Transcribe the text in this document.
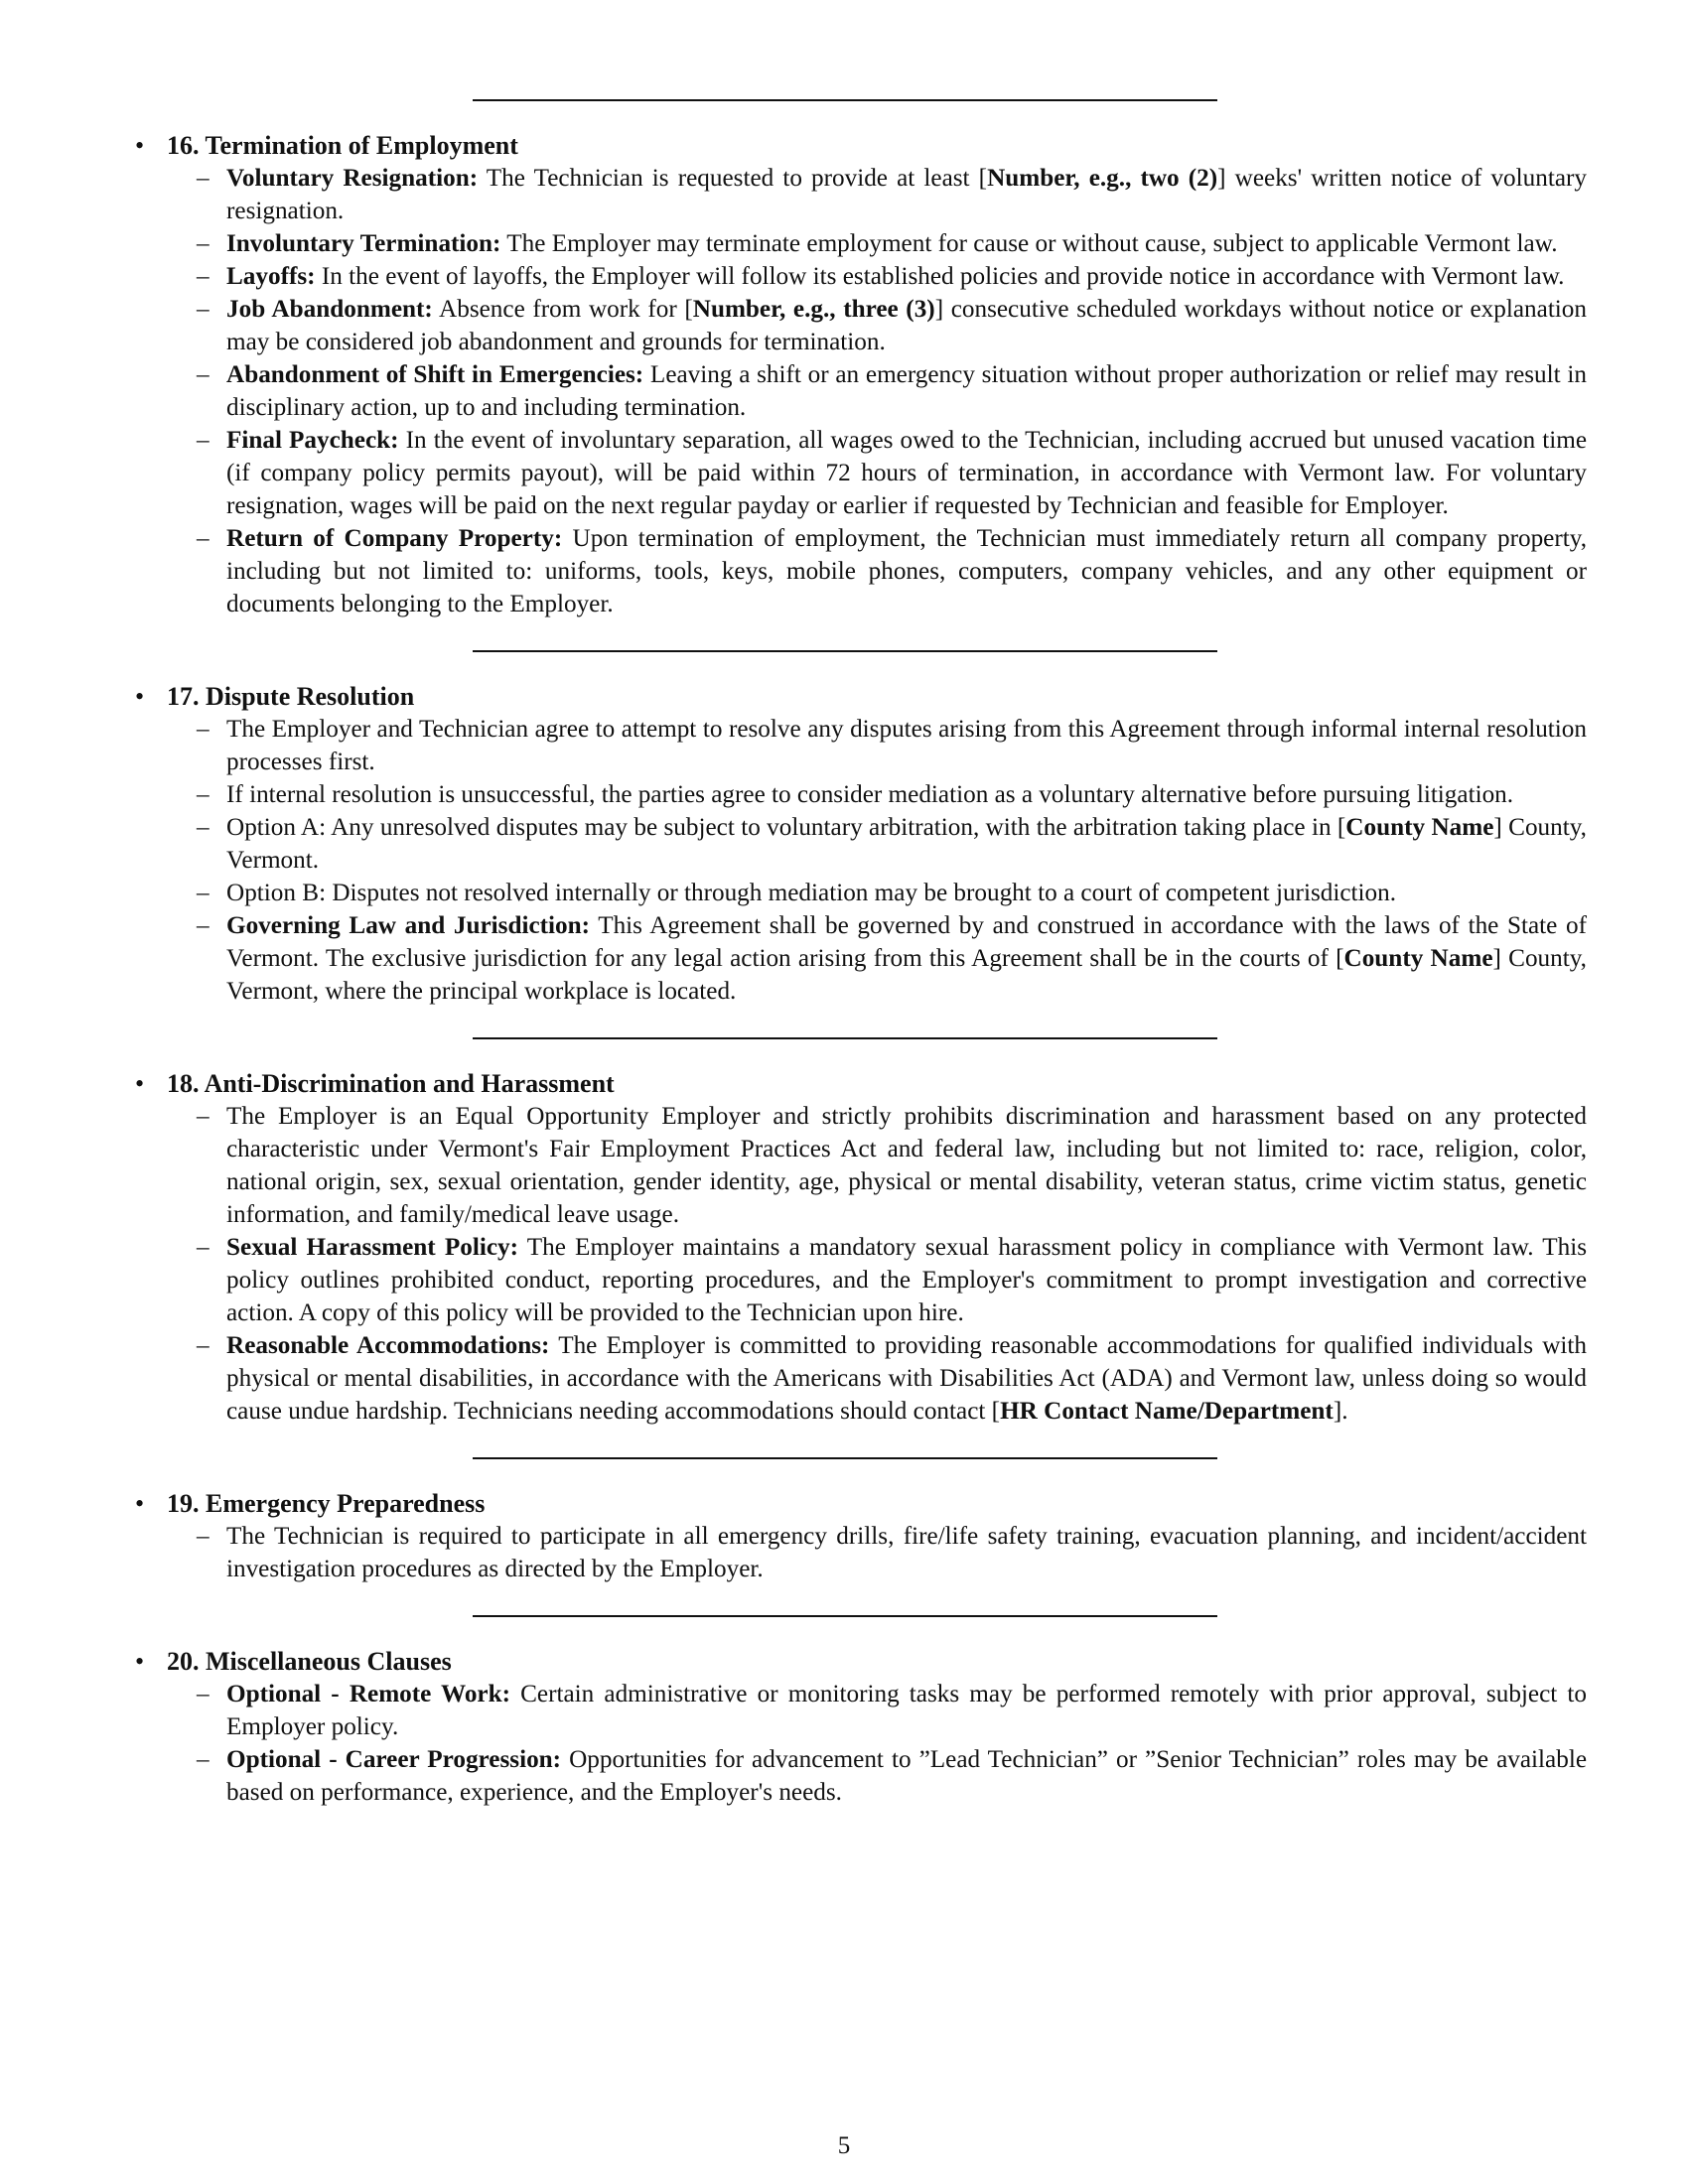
• 16. Termination of Employment
– Voluntary Resignation: The Technician is requested to provide at least [Number, e.g., two (2)] weeks' written notice of voluntary resignation.
– Involuntary Termination: The Employer may terminate employment for cause or without cause, subject to applicable Vermont law.
– Layoffs: In the event of layoffs, the Employer will follow its established policies and provide notice in accordance with Vermont law.
– Job Abandonment: Absence from work for [Number, e.g., three (3)] consecutive scheduled workdays without notice or explanation may be considered job abandonment and grounds for termination.
– Abandonment of Shift in Emergencies: Leaving a shift or an emergency situation without proper authorization or relief may result in disciplinary action, up to and including termination.
– Final Paycheck: In the event of involuntary separation, all wages owed to the Technician, including accrued but unused vacation time (if company policy permits payout), will be paid within 72 hours of termination, in accordance with Vermont law. For voluntary resignation, wages will be paid on the next regular payday or earlier if requested by Technician and feasible for Employer.
– Return of Company Property: Upon termination of employment, the Technician must immediately return all company property, including but not limited to: uniforms, tools, keys, mobile phones, computers, company vehicles, and any other equipment or documents belonging to the Employer.
• 17. Dispute Resolution
– The Employer and Technician agree to attempt to resolve any disputes arising from this Agreement through informal internal resolution processes first.
– If internal resolution is unsuccessful, the parties agree to consider mediation as a voluntary alternative before pursuing litigation.
– Option A: Any unresolved disputes may be subject to voluntary arbitration, with the arbitration taking place in [County Name] County, Vermont.
– Option B: Disputes not resolved internally or through mediation may be brought to a court of competent jurisdiction.
– Governing Law and Jurisdiction: This Agreement shall be governed by and construed in accordance with the laws of the State of Vermont. The exclusive jurisdiction for any legal action arising from this Agreement shall be in the courts of [County Name] County, Vermont, where the principal workplace is located.
• 18. Anti-Discrimination and Harassment
– The Employer is an Equal Opportunity Employer and strictly prohibits discrimination and harassment based on any protected characteristic under Vermont's Fair Employment Practices Act and federal law, including but not limited to: race, religion, color, national origin, sex, sexual orientation, gender identity, age, physical or mental disability, veteran status, crime victim status, genetic information, and family/medical leave usage.
– Sexual Harassment Policy: The Employer maintains a mandatory sexual harassment policy in compliance with Vermont law. This policy outlines prohibited conduct, reporting procedures, and the Employer's commitment to prompt investigation and corrective action. A copy of this policy will be provided to the Technician upon hire.
– Reasonable Accommodations: The Employer is committed to providing reasonable accommodations for qualified individuals with physical or mental disabilities, in accordance with the Americans with Disabilities Act (ADA) and Vermont law, unless doing so would cause undue hardship. Technicians needing accommodations should contact [HR Contact Name/Department].
• 19. Emergency Preparedness
– The Technician is required to participate in all emergency drills, fire/life safety training, evacuation planning, and incident/accident investigation procedures as directed by the Employer.
• 20. Miscellaneous Clauses
– Optional - Remote Work: Certain administrative or monitoring tasks may be performed remotely with prior approval, subject to Employer policy.
– Optional - Career Progression: Opportunities for advancement to ”Lead Technician” or ”Senior Technician” roles may be available based on performance, experience, and the Employer's needs.
5
